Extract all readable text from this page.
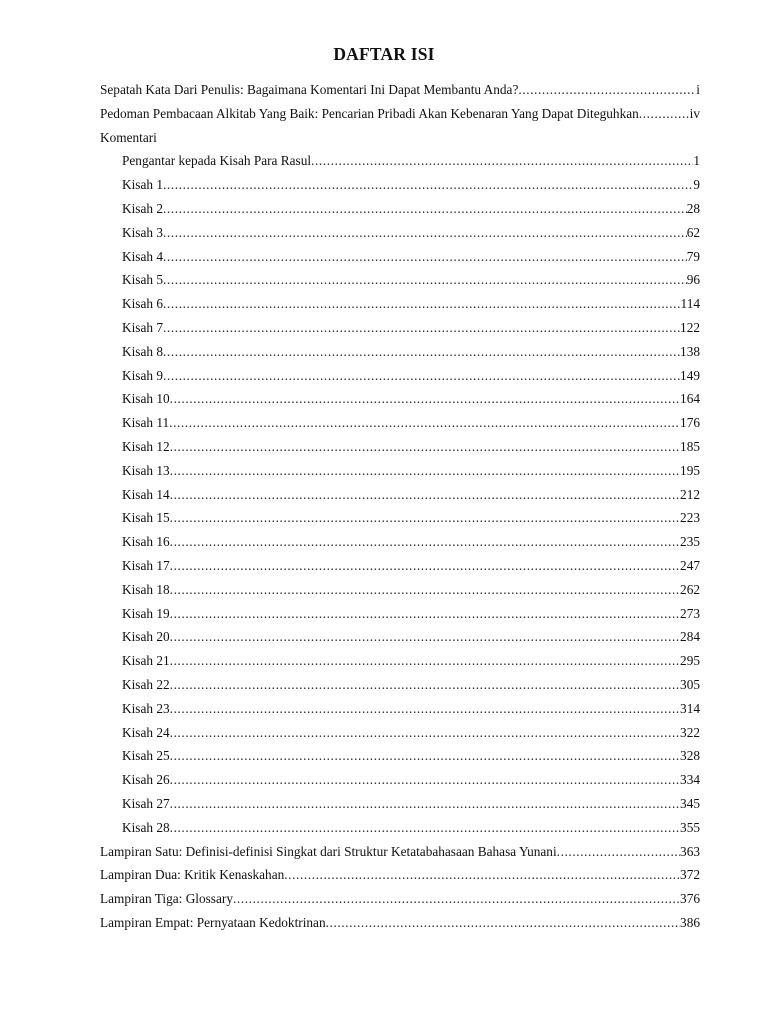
DAFTAR ISI
Sepatah Kata Dari Penulis: Bagaimana Komentari Ini Dapat Membantu Anda? .....	i
Pedoman Pembacaan Alkitab Yang Baik: Pencarian Pribadi Akan Kebenaran Yang Dapat Diteguhkan .....	iv
Komentari
Pengantar kepada Kisah Para Rasul .....	1
Kisah 1 .....	9
Kisah 2 .....	28
Kisah 3 .....	62
Kisah 4 .....	79
Kisah 5 .....	96
Kisah 6 .....	114
Kisah 7 .....	122
Kisah 8 .....	138
Kisah 9 .....	149
Kisah 10 .....	164
Kisah 11 .....	176
Kisah 12 .....	185
Kisah 13 .....	195
Kisah 14 .....	212
Kisah 15 .....	223
Kisah 16 .....	235
Kisah 17 .....	247
Kisah 18 .....	262
Kisah 19 .....	273
Kisah 20 .....	284
Kisah 21 .....	295
Kisah 22 .....	305
Kisah 23 .....	314
Kisah 24 .....	322
Kisah 25 .....	328
Kisah 26 .....	334
Kisah 27 .....	345
Kisah 28 .....	355
Lampiran Satu: Definisi-definisi Singkat dari Struktur Ketatabahasaan Bahasa Yunani .....	363
Lampiran Dua: Kritik Kenaskahan .....	372
Lampiran Tiga: Glossary .....	376
Lampiran Empat: Pernyataan Kedoktrinan .....	386
